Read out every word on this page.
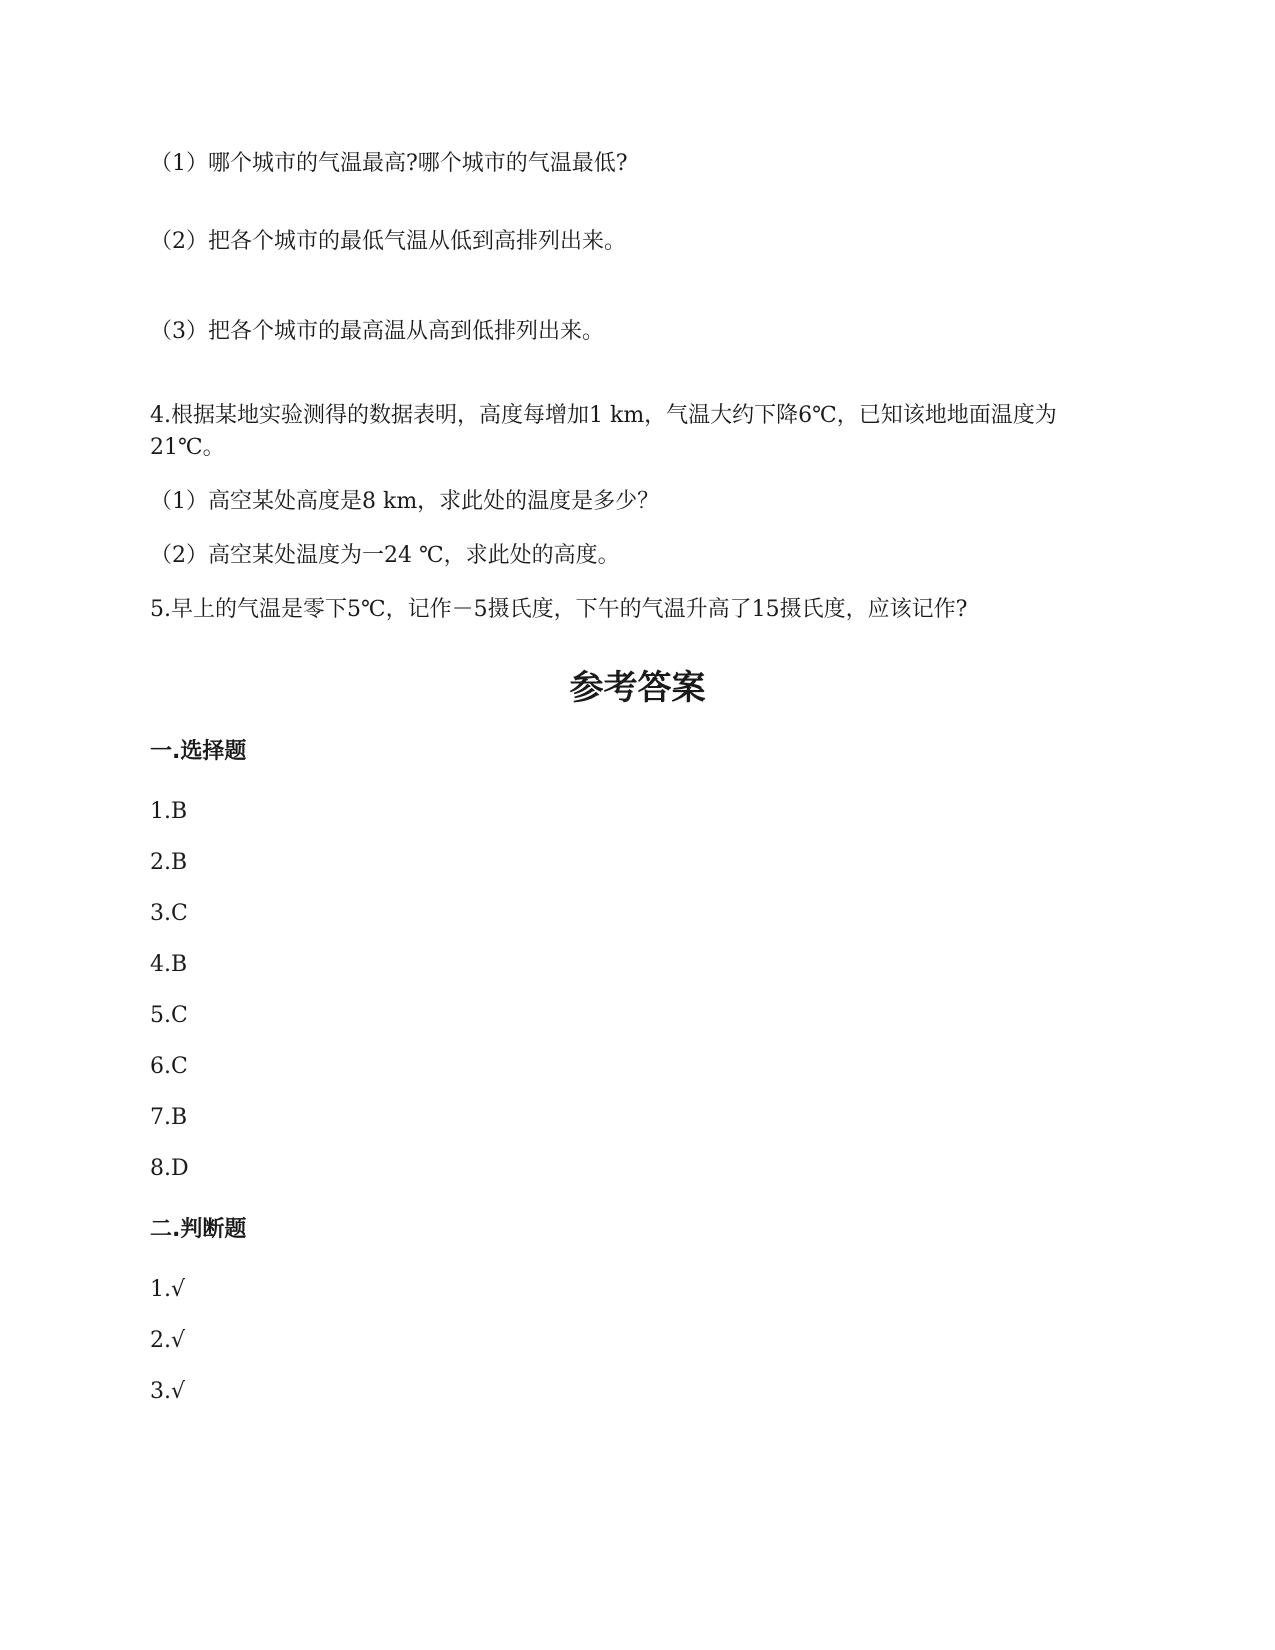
（1）哪个城市的气温最高?哪个城市的气温最低?
（2）把各个城市的最低气温从低到高排列出来。
（3）把各个城市的最高温从高到低排列出来。
4.根据某地实验测得的数据表明，高度每增加1 km，气温大约下降6℃，已知该地地面温度为21℃。
（1）高空某处高度是8 km，求此处的温度是多少？
（2）高空某处温度为一24 ℃，求此处的高度。
5.早上的气温是零下5℃，记作－5摄氏度，下午的气温升高了15摄氏度，应该记作?
参考答案
一.选择题
1.B
2.B
3.C
4.B
5.C
6.C
7.B
8.D
二.判断题
1.√
2.√
3.√
